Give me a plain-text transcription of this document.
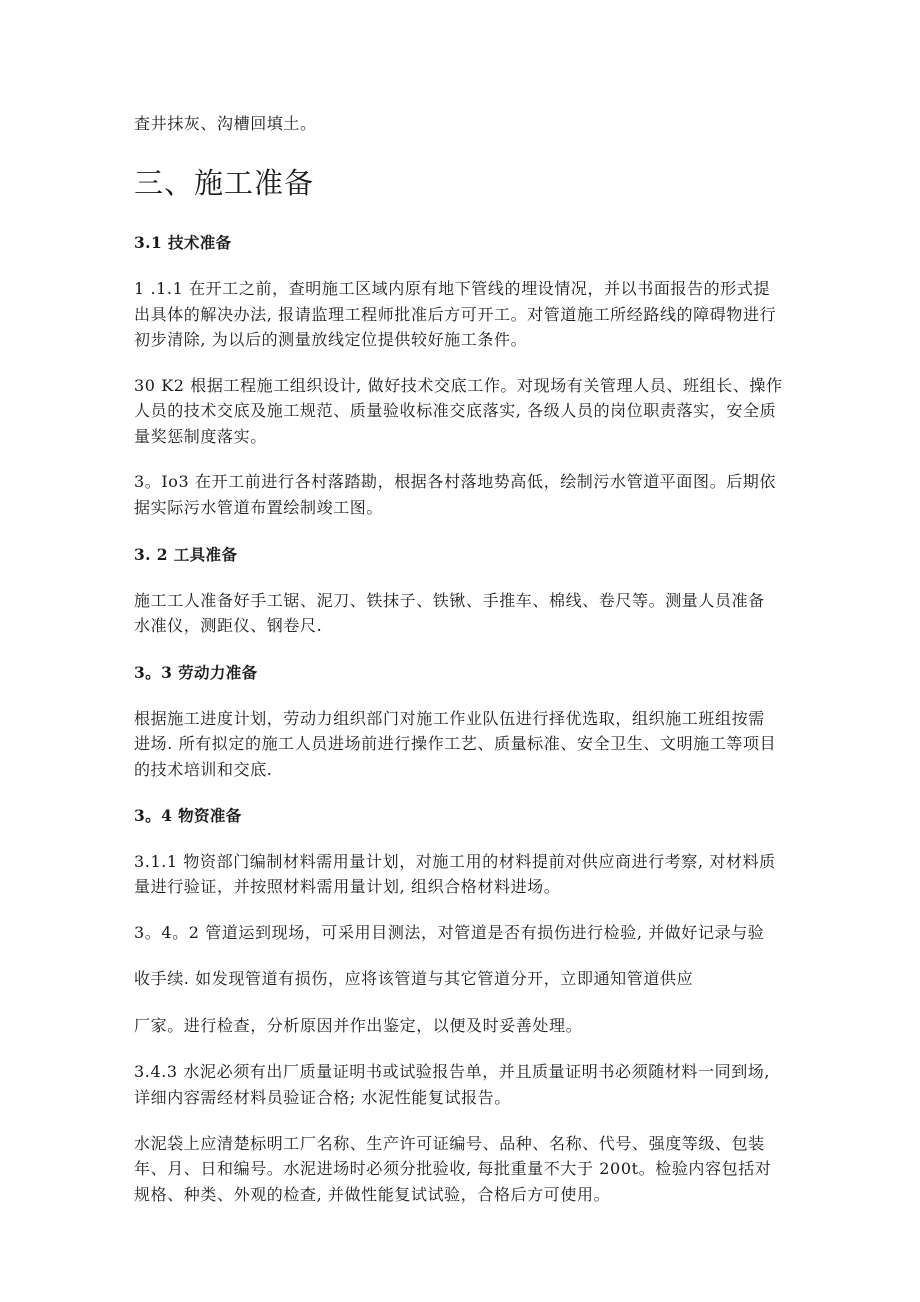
査井抹灰、沟槽回填土。
三、施工准备
3.1 技术准备
1 .1.1 在开工之前，查明施工区域内原有地下管线的埋设情况，并以书面报告的形式提
出具体的解决办法, 报请监理工程师批准后方可开工。对管道施工所经路线的障碍物进行
初步清除, 为以后的测量放线定位提供较好施工条件。
30 K2 根据工程施工组织设计, 做好技术交底工作。对现场有关管理人员、班组长、操作
人员的技术交底及施工规范、质量验收标准交底落实, 各级人员的岗位职责落实，安全质
量奖惩制度落实。
3。Io3 在开工前进行各村落踏勘，根据各村落地势高低，绘制污水管道平面图。后期依
据实际污水管道布置绘制竣工图。
3. 2 工具准备
施工工人准备好手工锯、泥刀、铁抹子、铁锹、手推车、棉线、卷尺等。测量人员准备
水准仪，测距仪、钢卷尺.
3。3 劳动力准备
根据施工进度计划，劳动力组织部门对施工作业队伍进行择优选取，组织施工班组按需
进场. 所有拟定的施工人员进场前进行操作工艺、质量标准、安全卫生、文明施工等项目
的技术培训和交底.
3。4 物资准备
3.1.1 物资部门编制材料需用量计划，对施工用的材料提前对供应商进行考察, 对材料质
量进行验证，并按照材料需用量计划, 组织合格材料进场。
3。4。2 管道运到现场，可采用目测法，对管道是否有损伤进行检验, 并做好记录与验
收手续. 如发现管道有损伤，应将该管道与其它管道分开，立即通知管道供应
厂家。进行检查，分析原因并作出鉴定，以便及时妥善处理。
3.4.3 水泥必须有出厂质量证明书或试验报告单，并且质量证明书必须随材料一同到场,
详细内容需经材料员验证合格; 水泥性能复试报告。
水泥袋上应清楚标明工厂名称、生产许可证编号、品种、名称、代号、强度等级、包装
年、月、日和编号。水泥进场时必须分批验收, 每批重量不大于 200t。检验内容包括对
规格、种类、外观的检查, 并做性能复试试验，合格后方可使用。
